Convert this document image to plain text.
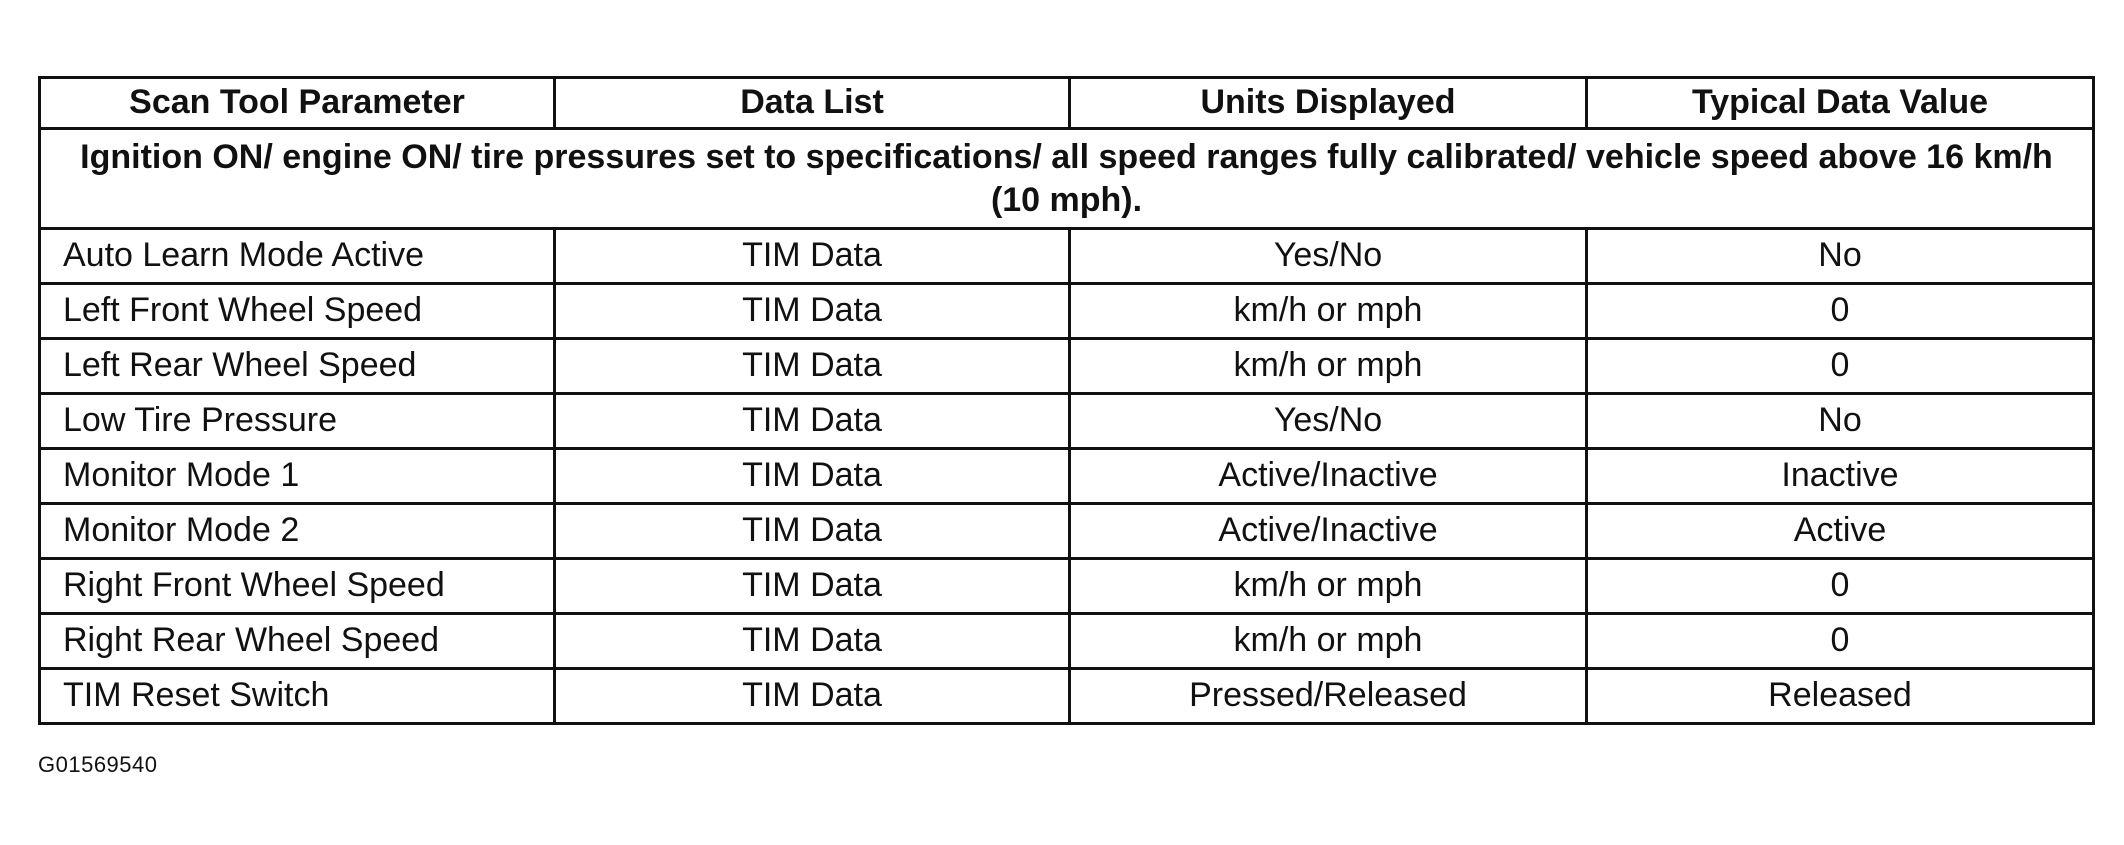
Scan Tool Parameter	Data List	Units Displayed	Typical Data Value
Ignition ON/ engine ON/ tire pressures set to specifications/ all speed ranges fully calibrated/ vehicle speed above 16 km/h (10 mph).			
Auto Learn Mode Active	TIM Data	Yes/No	No
Left Front Wheel Speed	TIM Data	km/h or mph	0
Left Rear Wheel Speed	TIM Data	km/h or mph	0
Low Tire Pressure	TIM Data	Yes/No	No
Monitor Mode 1	TIM Data	Active/Inactive	Inactive
Monitor Mode 2	TIM Data	Active/Inactive	Active
Right Front Wheel Speed	TIM Data	km/h or mph	0
Right Rear Wheel Speed	TIM Data	km/h or mph	0
TIM Reset Switch	TIM Data	Pressed/Released	Released
G01569540
